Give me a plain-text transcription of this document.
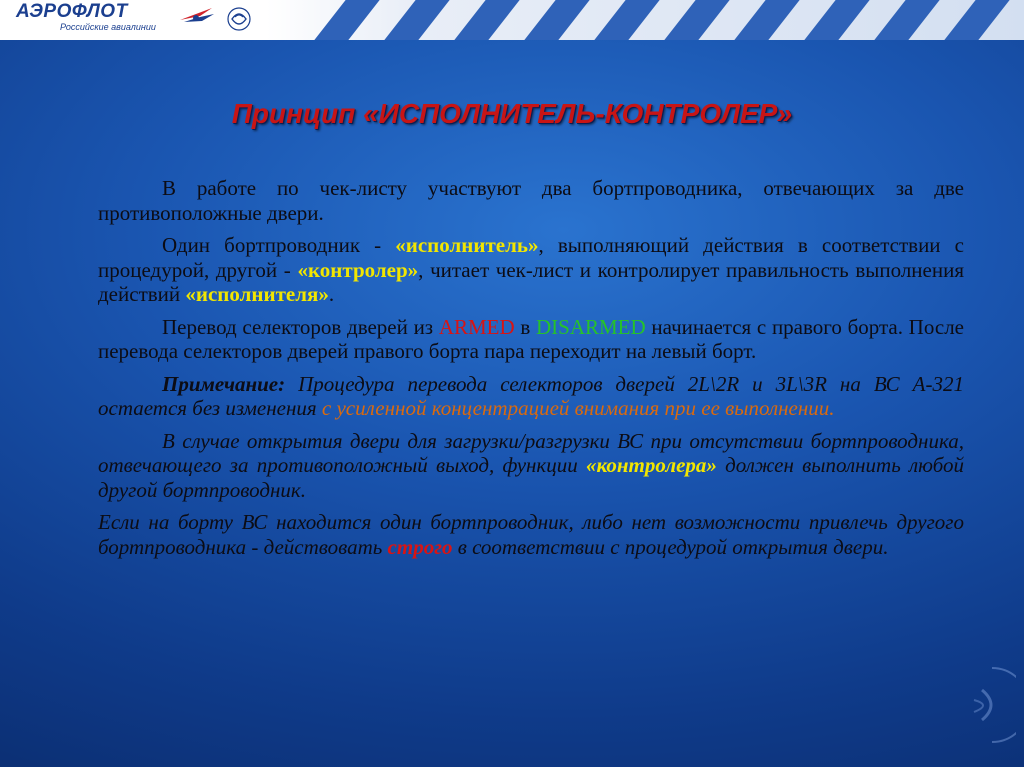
АЭРОФЛОТ
Российские авиалинии
Принцип «ИСПОЛНИТЕЛЬ-КОНТРОЛЕР»

В работе по чек-листу участвуют два бортпроводника, отвечающих за две противоположные двери.

Один бортпроводник - «исполнитель», выполняющий действия в соответствии с процедурой, другой - «контролер», читает чек-лист и контролирует правильность выполнения действий «исполнителя».

Перевод селекторов дверей из ARMED в DISARMED начинается с правого борта. После перевода селекторов дверей правого борта пара переходит на левый борт.

Примечание: Процедура перевода селекторов дверей 2L\2R и 3L\3R на ВС А-321 остается без изменения с усиленной концентрацией внимания при ее выполнении.

В случае открытия двери для загрузки/разгрузки ВС при отсутствии бортпроводника, отвечающего за противоположный выход, функции «контролера» должен выполнить любой другой бортпроводник.

Если на борту ВС находится один бортпроводник, либо нет возможности привлечь другого бортпроводника - действовать строго в соответствии с процедурой открытия двери.
